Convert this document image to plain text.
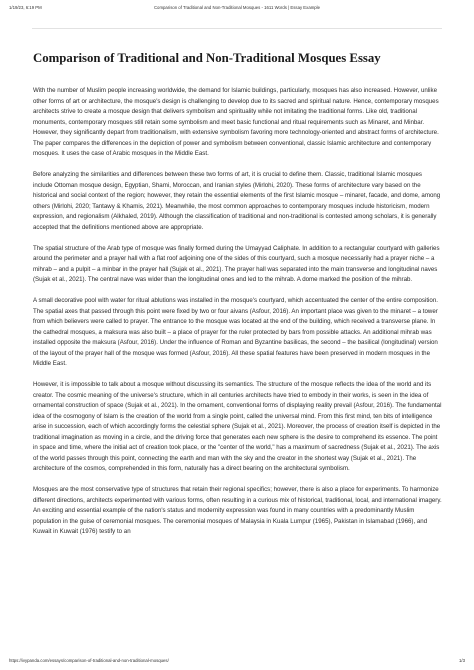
1/19/23, 6:19 PM	Comparison of Traditional and Non-Traditional Mosques - 1611 Words | Essay Example
Comparison of Traditional and Non-Traditional Mosques Essay

With the number of Muslim people increasing worldwide, the demand for Islamic buildings, particularly, mosques has also increased. However, unlike other forms of art or architecture, the mosque's design is challenging to develop due to its sacred and spiritual nature. Hence, contemporary mosques architects strive to create a mosque design that delivers symbolism and spirituality while not imitating the traditional forms. Like old, traditional monuments, contemporary mosques still retain some symbolism and meet basic functional and ritual requirements such as Minaret, and Minbar. However, they significantly depart from traditionalism, with extensive symbolism favoring more technology-oriented and abstract forms of architecture. The paper compares the differences in the depiction of power and symbolism between conventional, classic Islamic architecture and contemporary mosques. It uses the case of Arabic mosques in the Middle East.

Before analyzing the similarities and differences between these two forms of art, it is crucial to define them. Classic, traditional Islamic mosques include Ottoman mosque design, Egyptian, Shami, Moroccan, and Iranian styles (Mirlohi, 2020). These forms of architecture vary based on the historical and social context of the region; however, they retain the essential elements of the first Islamic mosque – minaret, facade, and dome, among others (Mirlohi, 2020; Tantawy & Khamis, 2021). Meanwhile, the most common approaches to contemporary mosques include historicism, modern expression, and regionalism (Alkhaled, 2019). Although the classification of traditional and non-traditional is contested among scholars, it is generally accepted that the definitions mentioned above are appropriate.

The spatial structure of the Arab type of mosque was finally formed during the Umayyad Caliphate. In addition to a rectangular courtyard with galleries around the perimeter and a prayer hall with a flat roof adjoining one of the sides of this courtyard, such a mosque necessarily had a prayer niche – a mihrab – and a pulpit – a minbar in the prayer hall (Sujak et al., 2021). The prayer hall was separated into the main transverse and longitudinal naves (Sujak et al., 2021). The central nave was wider than the longitudinal ones and led to the mihrab. A dome marked the position of the mihrab.

A small decorative pool with water for ritual ablutions was installed in the mosque's courtyard, which accentuated the center of the entire composition. The spatial axes that passed through this point were fixed by two or four aivans (Asfour, 2016). An important place was given to the minaret – a tower from which believers were called to prayer. The entrance to the mosque was located at the end of the building, which received a transverse plane. In the cathedral mosques, a maksura was also built – a place of prayer for the ruler protected by bars from possible attacks. An additional mihrab was installed opposite the maksura (Asfour, 2016). Under the influence of Roman and Byzantine basilicas, the second – the basilical (longitudinal) version of the layout of the prayer hall of the mosque was formed (Asfour, 2016). All these spatial features have been preserved in modern mosques in the Middle East.

However, it is impossible to talk about a mosque without discussing its semantics. The structure of the mosque reflects the idea of the world and its creator. The cosmic meaning of the universe's structure, which in all centuries architects have tried to embody in their works, is seen in the idea of ornamental construction of space (Sujak et al., 2021). In the ornament, conventional forms of displaying reality prevail (Asfour, 2016). The fundamental idea of the cosmogony of Islam is the creation of the world from a single point, called the universal mind. From this first mind, ten bits of intelligence arise in succession, each of which accordingly forms the celestial sphere (Sujak et al., 2021). Moreover, the process of creation itself is depicted in the traditional imagination as moving in a circle, and the driving force that generates each new sphere is the desire to comprehend its essence. The point in space and time, where the initial act of creation took place, or the "center of the world," has a maximum of sacredness (Sujak et al., 2021). The axis of the world passes through this point, connecting the earth and man with the sky and the creator in the shortest way (Sujak et al., 2021). The architecture of the cosmos, comprehended in this form, naturally has a direct bearing on the architectural symbolism.

Mosques are the most conservative type of structures that retain their regional specifics; however, there is also a place for experiments. To harmonize different directions, architects experimented with various forms, often resulting in a curious mix of historical, traditional, local, and international imagery. An exciting and essential example of the nation's status and modernity expression was found in many countries with a predominantly Muslim population in the guise of ceremonial mosques. The ceremonial mosques of Malaysia in Kuala Lumpur (1965), Pakistan in Islamabad (1966), and Kuwait in Kuwait (1976) testify to an

https://ivypanda.com/essays/comparison-of-traditional-and-non-traditional-mosques/	1/3
